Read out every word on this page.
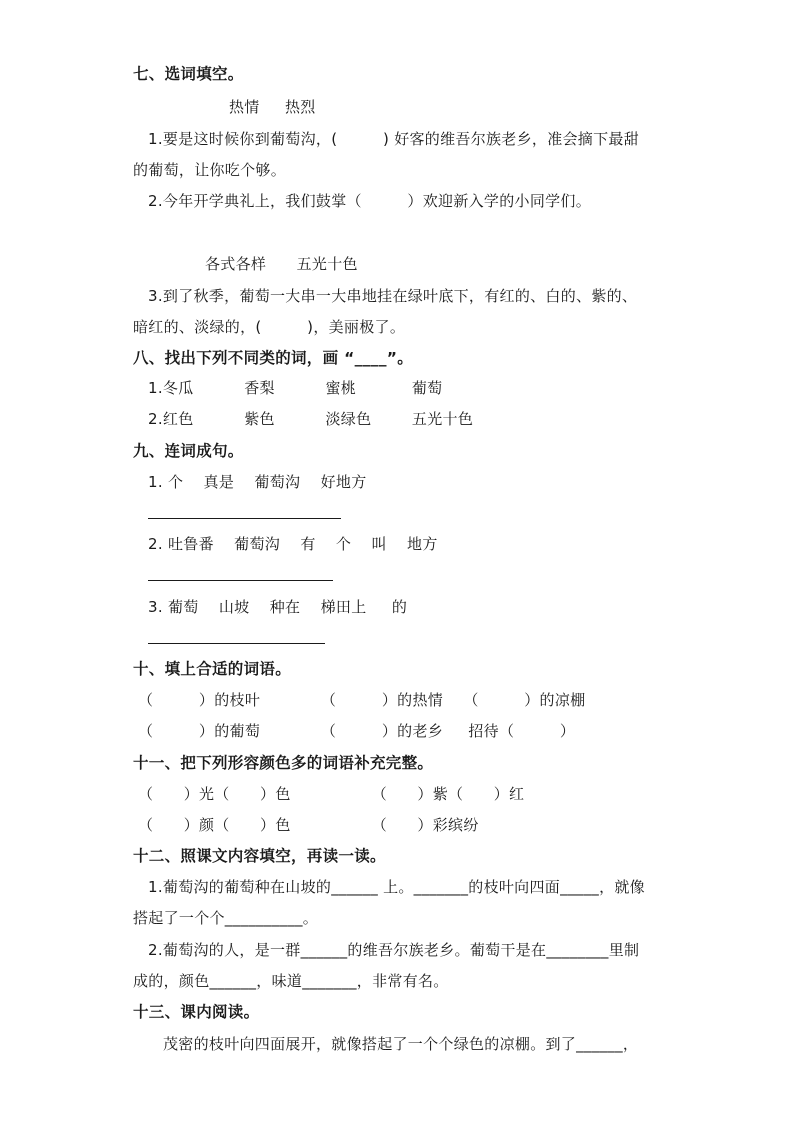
七、选词填空。
热情     热烈
1.要是这时候你到葡萄沟，(         ) 好客的维吾尔族老乡，准会摘下最甜
的葡萄，让你吃个够。
2.今年开学典礼上，我们鼓掌（         ）欢迎新入学的小同学们。
各式各样      五光十色
3.到了秋季，葡萄一大串一大串地挂在绿叶底下，有红的、白的、紫的、
暗红的、淡绿的，(         )，美丽极了。
八、找出下列不同类的词，画 “____”。
1.冬瓜          香梨          蜜桃           葡萄
2.红色          紫色          淡绿色        五光十色
九、连词成句。
1. 个    真是    葡萄沟    好地方
2. 吐鲁番    葡萄沟    有    个    叫    地方
3. 葡萄    山坡    种在    梯田上     的
十、填上合适的词语。
（         ）的枝叶            （         ）的热情    （         ）的凉棚
（         ）的葡萄            （         ）的老乡     招待（         ）
十一、把下列形容颜色多的词语补充完整。
（      ）光（      ）色                （      ）紫（      ）红
（      ）颜（      ）色                （      ）彩缤纷
十二、照课文内容填空，再读一读。
1.葡萄沟的葡萄种在山坡的______ 上。_______的枝叶向四面_____，就像
搭起了一个个__________。
2.葡萄沟的人，是一群______的维吾尔族老乡。葡萄干是在________里制
成的，颜色______，味道_______，非常有名。
十三、课内阅读。
茂密的枝叶向四面展开，就像搭起了一个个绿色的凉棚。到了______，
